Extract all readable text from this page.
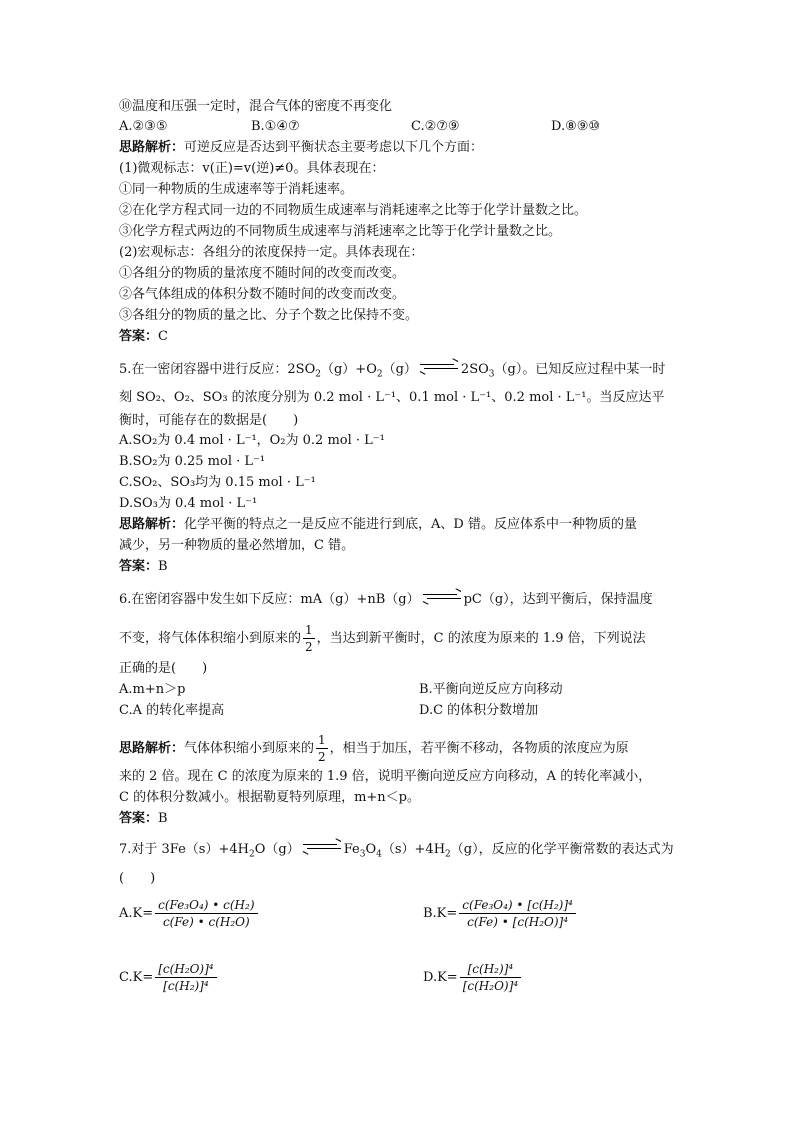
⑩温度和压强一定时，混合气体的密度不再变化
A.②③⑤	B.①④⑦	C.②⑦⑨	D.⑧⑨⑩
思路解析：可逆反应是否达到平衡状态主要考虑以下几个方面：
(1)微观标志：v(正)=v(逆)≠0。具体表现在：
①同一种物质的生成速率等于消耗速率。
②在化学方程式同一边的不同物质生成速率与消耗速率之比等于化学计量数之比。
③化学方程式两边的不同物质生成速率与消耗速率之比等于化学计量数之比。
(2)宏观标志：各组分的浓度保持一定。具体表现在：
①各组分的物质的量浓度不随时间的改变而改变。
②各气体组成的体积分数不随时间的改变而改变。
③各组分的物质的量之比、分子个数之比保持不变。
答案：C
5.在一密闭容器中进行反应：$2SO_2(g)+O_2(g)$	$2SO_3(g)$。已知反应过程中某一时
刻 SO₂、O₂、SO₃ 的浓度分别为 0.2 mol · L⁻¹、0.1 mol · L⁻¹、0.2 mol · L⁻¹。当反应达平
衡时，可能存在的数据是(　　)
A.SO₂为 0.4 mol · L⁻¹，O₂为 0.2 mol · L⁻¹
B.SO₂为 0.25 mol · L⁻¹
C.SO₂、SO₃均为 0.15 mol · L⁻¹
D.SO₃为 0.4 mol · L⁻¹
思路解析：化学平衡的特点之一是反应不能进行到底，A、D 错。反应体系中一种物质的量
减少，另一种物质的量必然增加，C 错。
答案：B
6.在密闭容器中发生如下反应：mA（g）+nB（g）	pC（g），达到平衡后，保持温度
不变，将气体体积缩小到原来的 $\frac{1}{2}$ ，当达到新平衡时，C 的浓度为原来的 1.9 倍，下列说法
正确的是(　　)
A.m+n＞p	B.平衡向逆反应方向移动
C.A 的转化率提高	D.C 的体积分数增加
思路解析：气体体积缩小到原来的 $\frac{1}{2}$ ，相当于加压，若平衡不移动，各物质的浓度应为原
来的 2 倍。现在 C 的浓度为原来的 1.9 倍，说明平衡向逆反应方向移动，A 的转化率减小，
C 的体积分数减小。根据勒夏特列原理，m+n＜p。
答案：B
7.对于 $3Fe(s)+4H_2O(g)$	$Fe_3O_4(s)+4H_2(g)$，反应的化学平衡常数的表达式为
(　　)
$A.K= \frac{\text{c(Fe₃O₄) • c(H₂)}}{\text{c(Fe) • c(H₂O)}}$	$B.K= \frac{\text{c(Fe₃O₄) • [c(H₂)]⁴}}{\text{c(Fe) • [c(H₂O)]⁴}}$
$C.K= \frac{\text{[c(H₂O)]⁴}}{\text{[c(H₂)]⁴}}$	$D.K= \frac{\text{[c(H₂)]⁴}}{\text{[c(H₂O)]⁴}}$
